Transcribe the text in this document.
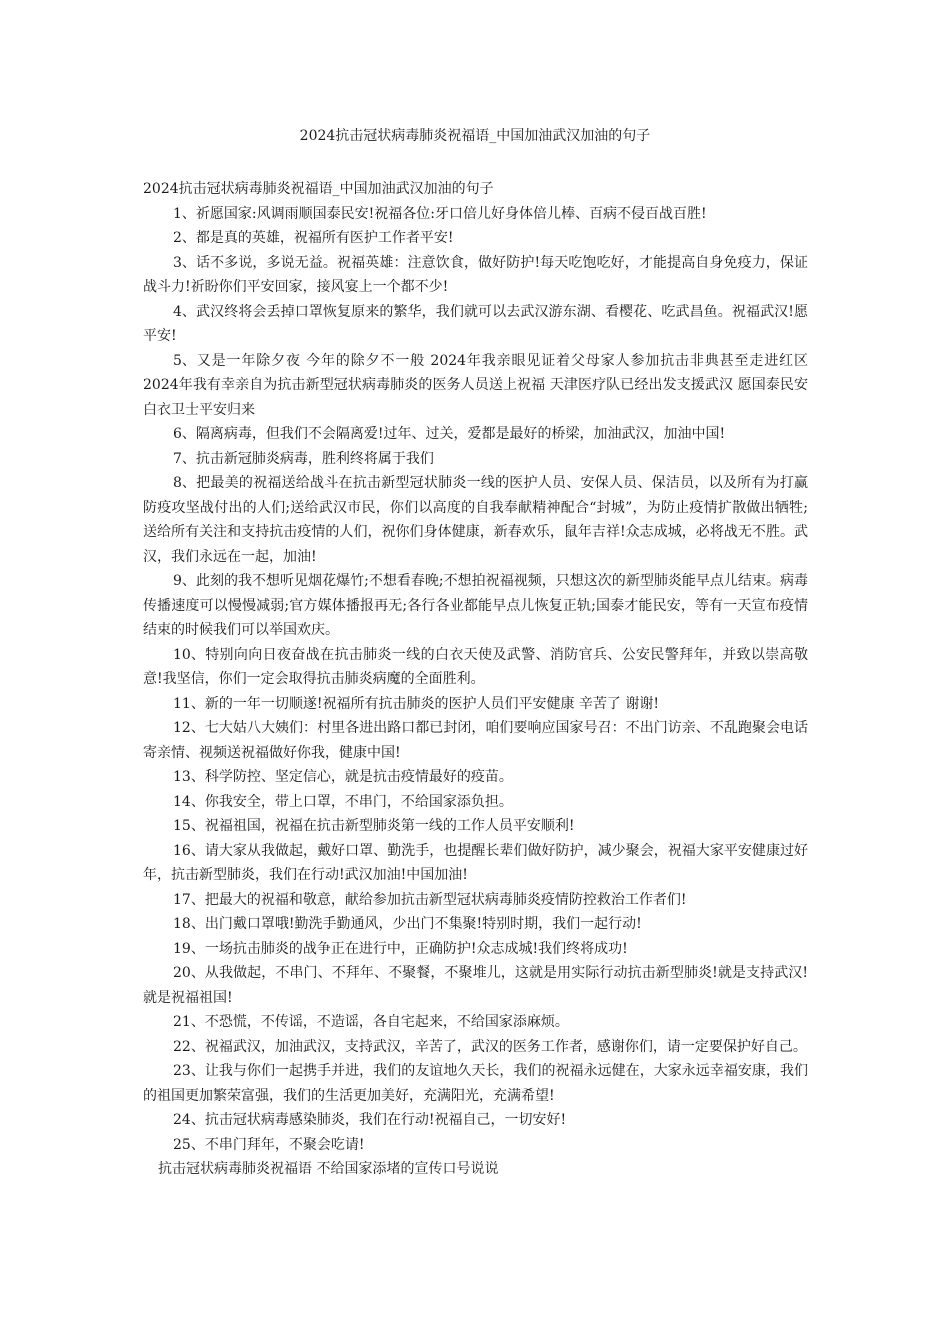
2024抗击冠状病毒肺炎祝福语_中国加油武汉加油的句子

2024抗击冠状病毒肺炎祝福语_中国加油武汉加油的句子

1、祈愿国家:风调雨顺国泰民安!祝福各位:牙口倍儿好身体倍儿棒、百病不侵百战百胜!

2、都是真的英雄，祝福所有医护工作者平安!

3、话不多说，多说无益。祝福英雄：注意饮食，做好防护!每天吃饱吃好，才能提高自身免疫力，保证战斗力!祈盼你们平安回家，接风宴上一个都不少!

4、武汉终将会丢掉口罩恢复原来的繁华，我们就可以去武汉游东湖、看樱花、吃武昌鱼。祝福武汉!愿平安!

5、又是一年除夕夜 今年的除夕不一般 2024年我亲眼见证着父母家人参加抗击非典甚至走进红区 2024年我有幸亲自为抗击新型冠状病毒肺炎的医务人员送上祝福 天津医疗队已经出发支援武汉 愿国泰民安 白衣卫士平安归来

6、隔离病毒，但我们不会隔离爱!过年、过关，爱都是最好的桥梁，加油武汉，加油中国!

7、抗击新冠肺炎病毒，胜利终将属于我们

8、把最美的祝福送给战斗在抗击新型冠状肺炎一线的医护人员、安保人员、保洁员，以及所有为打赢防疫攻坚战付出的人们;送给武汉市民，你们以高度的自我奉献精神配合“封城”，为防止疫情扩散做出牺牲;送给所有关注和支持抗击疫情的人们，祝你们身体健康，新春欢乐，鼠年吉祥!众志成城，必将战无不胜。武汉，我们永远在一起，加油!

9、此刻的我不想听见烟花爆竹;不想看春晚;不想拍祝福视频，只想这次的新型肺炎能早点儿结束。病毒传播速度可以慢慢减弱;官方媒体播报再无;各行各业都能早点儿恢复正轨;国泰才能民安，等有一天宣布疫情结束的时候我们可以举国欢庆。

10、特别向向日夜奋战在抗击肺炎一线的白衣天使及武警、消防官兵、公安民警拜年，并致以崇高敬意!我坚信，你们一定会取得抗击肺炎病魔的全面胜利。

11、新的一年一切顺遂!祝福所有抗击肺炎的医护人员们平安健康 辛苦了 谢谢!

12、七大姑八大姨们：村里各进出路口都已封闭，咱们要响应国家号召：不出门访亲、不乱跑聚会电话寄亲情、视频送祝福做好你我，健康中国!

13、科学防控、坚定信心，就是抗击疫情最好的疫苗。

14、你我安全，带上口罩，不串门，不给国家添负担。

15、祝福祖国，祝福在抗击新型肺炎第一线的工作人员平安顺利!

16、请大家从我做起，戴好口罩、勤洗手，也提醒长辈们做好防护，减少聚会，祝福大家平安健康过好年，抗击新型肺炎，我们在行动!武汉加油!中国加油!

17、把最大的祝福和敬意，献给参加抗击新型冠状病毒肺炎疫情防控救治工作者们!

18、出门戴口罩哦!勤洗手勤通风，少出门不集聚!特别时期，我们一起行动!

19、一场抗击肺炎的战争正在进行中，正确防护!众志成城!我们终将成功!

20、从我做起，不串门、不拜年、不聚餐，不聚堆儿，这就是用实际行动抗击新型肺炎!就是支持武汉!就是祝福祖国!

21、不恐慌，不传谣，不造谣，各自宅起来，不给国家添麻烦。

22、祝福武汉，加油武汉，支持武汉，辛苦了，武汉的医务工作者，感谢你们，请一定要保护好自己。

23、让我与你们一起携手并进，我们的友谊地久天长，我们的祝福永远健在，大家永远幸福安康，我们的祖国更加繁荣富强，我们的生活更加美好，充满阳光，充满希望!

24、抗击冠状病毒感染肺炎，我们在行动!祝福自己，一切安好!

25、不串门拜年，不聚会吃请!

抗击冠状病毒肺炎祝福语 不给国家添堵的宣传口号说说
